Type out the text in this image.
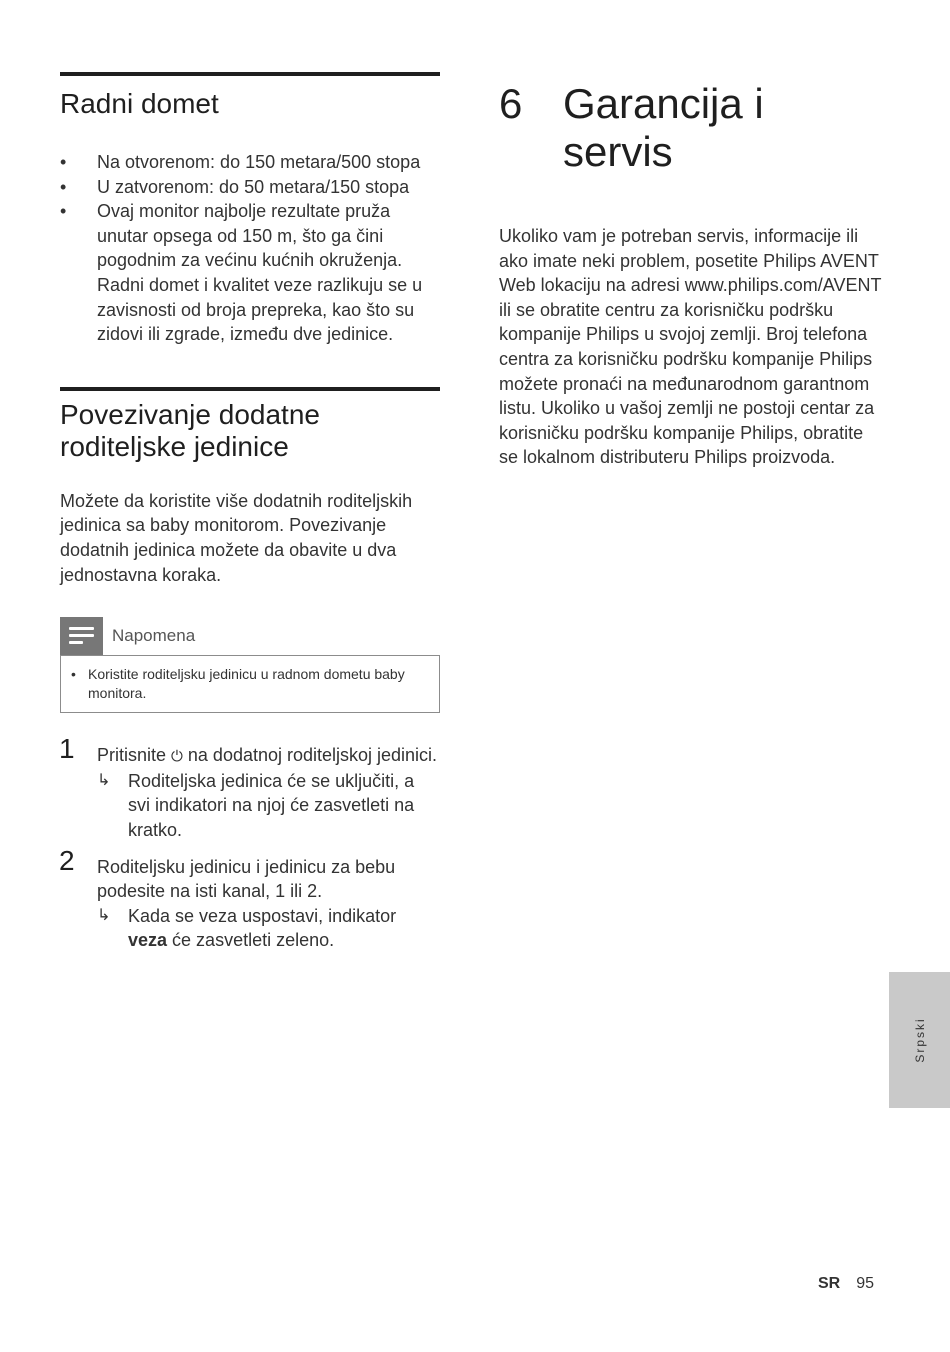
Radni domet
• Na otvorenom: do 150 metara/500 stopa
• U zatvorenom: do 50 metara/150 stopa
• Ovaj monitor najbolje rezultate pruža unutar opsega od 150 m, što ga čini pogodnim za većinu kućnih okruženja. Radni domet i kvalitet veze razlikuju se u zavisnosti od broja prepreka, kao što su zidovi ili zgrade, između dve jedinice.
Povezivanje dodatne roditeljske jedinice

Možete da koristite više dodatnih roditeljskih jedinica sa baby monitorom. Povezivanje dodatnih jedinica možete da obavite u dva jednostavna koraka.

Napomena
• Koristite roditeljsku jedinicu u radnom dometu baby monitora.
1 Pritisnite ⏻ na dodatnoj roditeljskoj jedinici.
↳ Roditeljska jedinica će se uključiti, a svi indikatori na njoj će zasvetleti na kratko.
2 Roditeljsku jedinicu i jedinicu za bebu podesite na isti kanal, 1 ili 2.
↳ Kada se veza uspostavi, indikator veza će zasvetleti zeleno.
6 Garancija i servis

Ukoliko vam je potreban servis, informacije ili ako imate neki problem, posetite Philips AVENT Web lokaciju na adresi www.philips.com/AVENT ili se obratite centru za korisničku podršku kompanije Philips u svojoj zemlji. Broj telefona centra za korisničku podršku kompanije Philips možete pronaći na međunarodnom garantnom listu. Ukoliko u vašoj zemlji ne postoji centar za korisničku podršku kompanije Philips, obratite se lokalnom distributeru Philips proizvoda.

Srpski
SR 95
